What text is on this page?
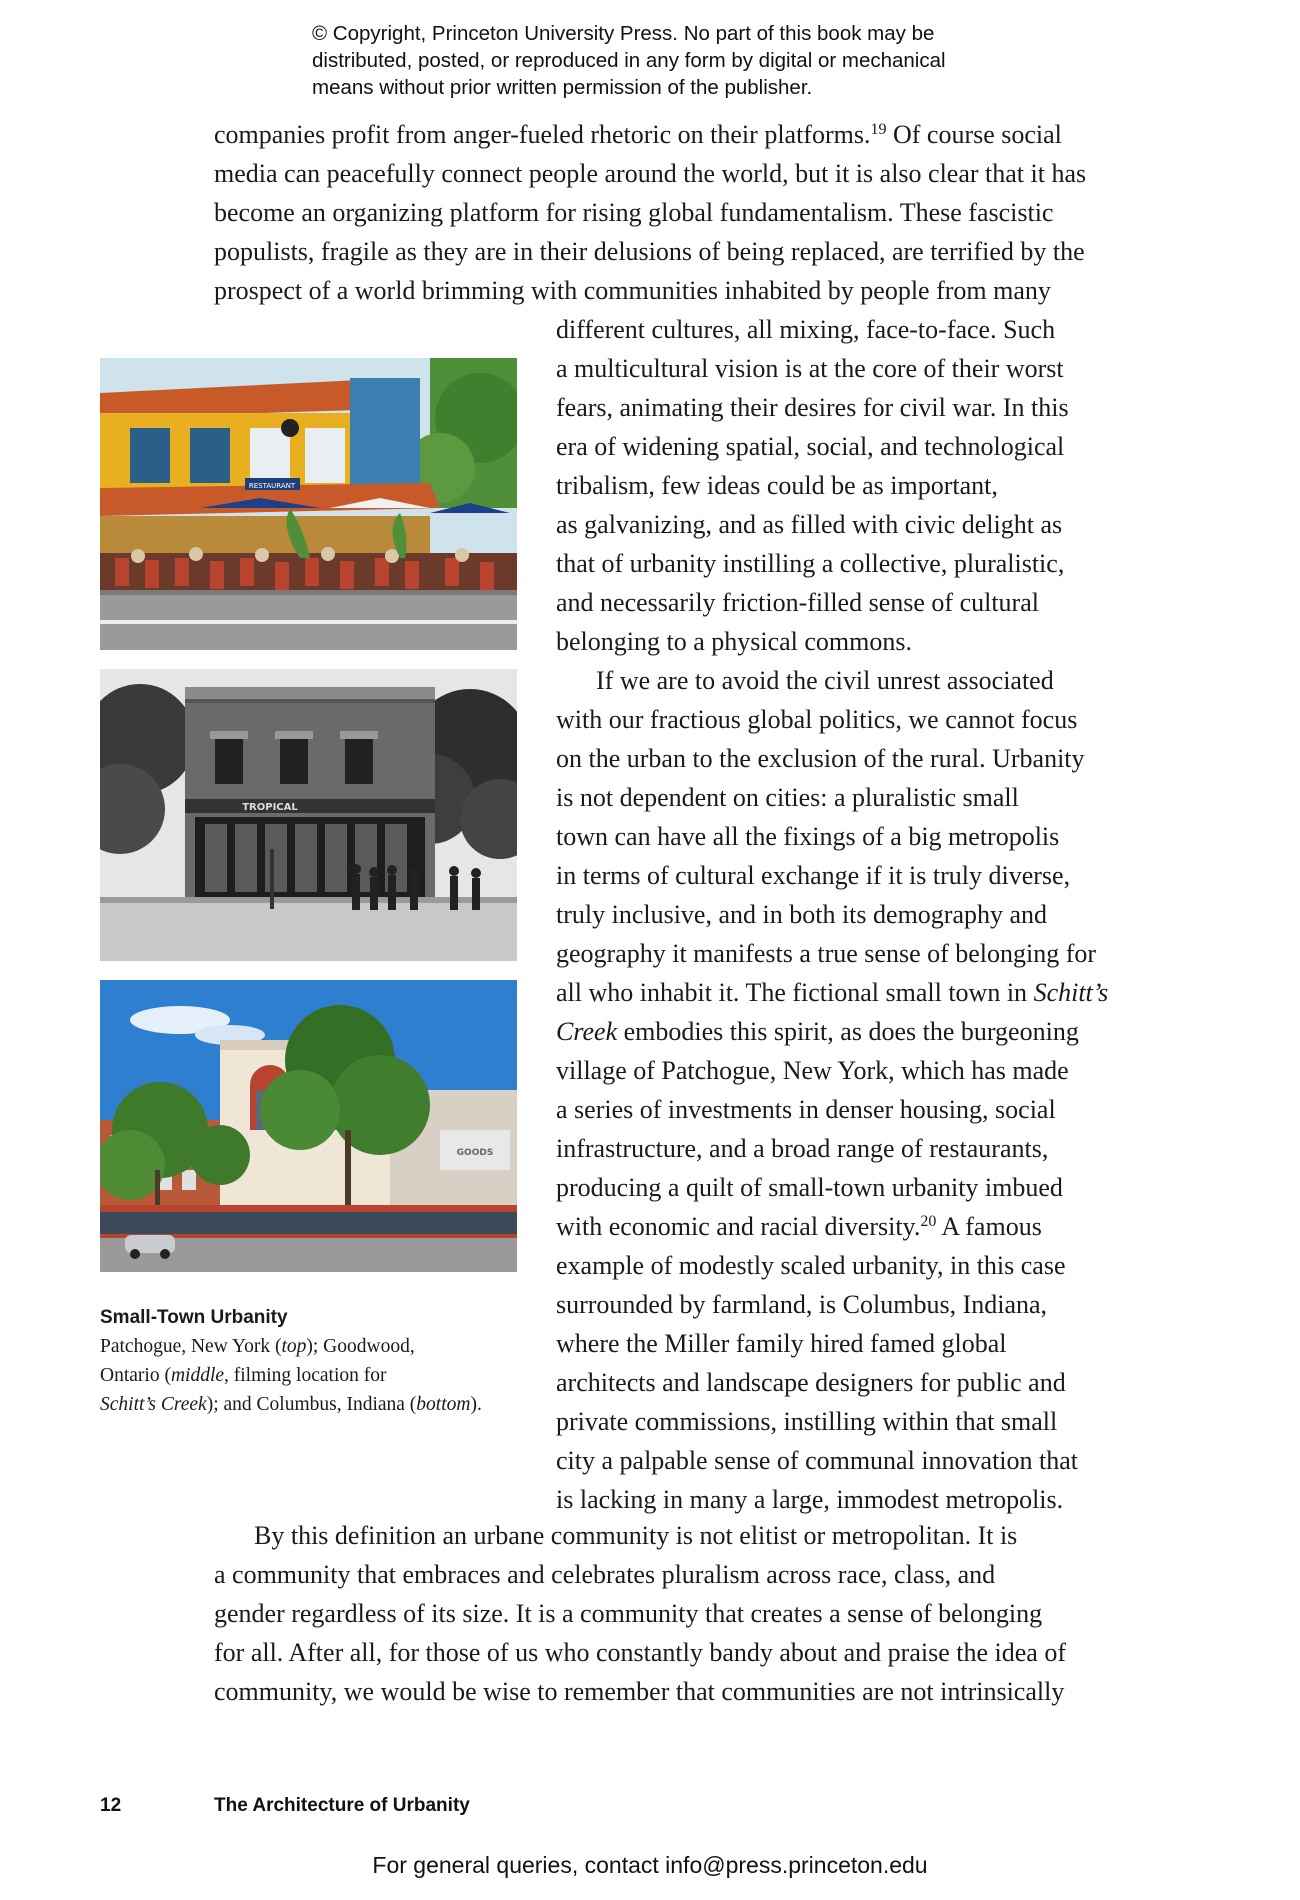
© Copyright, Princeton University Press. No part of this book may be
distributed, posted, or reproduced in any form by digital or mechanical
means without prior written permission of the publisher.
companies profit from anger-fueled rhetoric on their platforms.$^{19}$ Of course social
media can peacefully connect people around the world, but it is also clear that it has
become an organizing platform for rising global fundamentalism. These fascistic
populists, fragile as they are in their delusions of being replaced, are terrified by the
prospect of a world brimming with communities inhabited by people from many
different cultures, all mixing, face-to-face. Such
a multicultural vision is at the core of their worst
fears, animating their desires for civil war. In this
era of widening spatial, social, and technological
tribalism, few ideas could be as important,
as galvanizing, and as filled with civic delight as
that of urbanity instilling a collective, pluralistic,
and necessarily friction-filled sense of cultural
belonging to a physical commons.
If we are to avoid the civil unrest associated
with our fractious global politics, we cannot focus
on the urban to the exclusion of the rural. Urbanity
is not dependent on cities: a pluralistic small
town can have all the fixings of a big metropolis
in terms of cultural exchange if it is truly diverse,
truly inclusive, and in both its demography and
geography it manifests a true sense of belonging for
all who inhabit it. The fictional small town in Schitt’s
Creek embodies this spirit, as does the burgeoning
village of Patchogue, New York, which has made
a series of investments in denser housing, social
infrastructure, and a broad range of restaurants,
producing a quilt of small-town urbanity imbued
with economic and racial diversity.$^{20}$ A famous
example of modestly scaled urbanity, in this case
surrounded by farmland, is Columbus, Indiana,
where the Miller family hired famed global
architects and landscape designers for public and
private commissions, instilling within that small
city a palpable sense of communal innovation that
is lacking in many a large, immodest metropolis.
By this definition an urbane community is not elitist or metropolitan. It is
a community that embraces and celebrates pluralism across race, class, and
gender regardless of its size. It is a community that creates a sense of belonging
for all. After all, for those of us who constantly bandy about and praise the idea of
community, we would be wise to remember that communities are not intrinsically
RESTAURANT
TROPICAL
GOODS
Small-Town Urbanity
Patchogue, New York (top); Goodwood,
Ontario (middle, filming location for
Schitt’s Creek); and Columbus, Indiana (bottom).
12	The Architecture of Urbanity
For general queries, contact info@press.princeton.edu
